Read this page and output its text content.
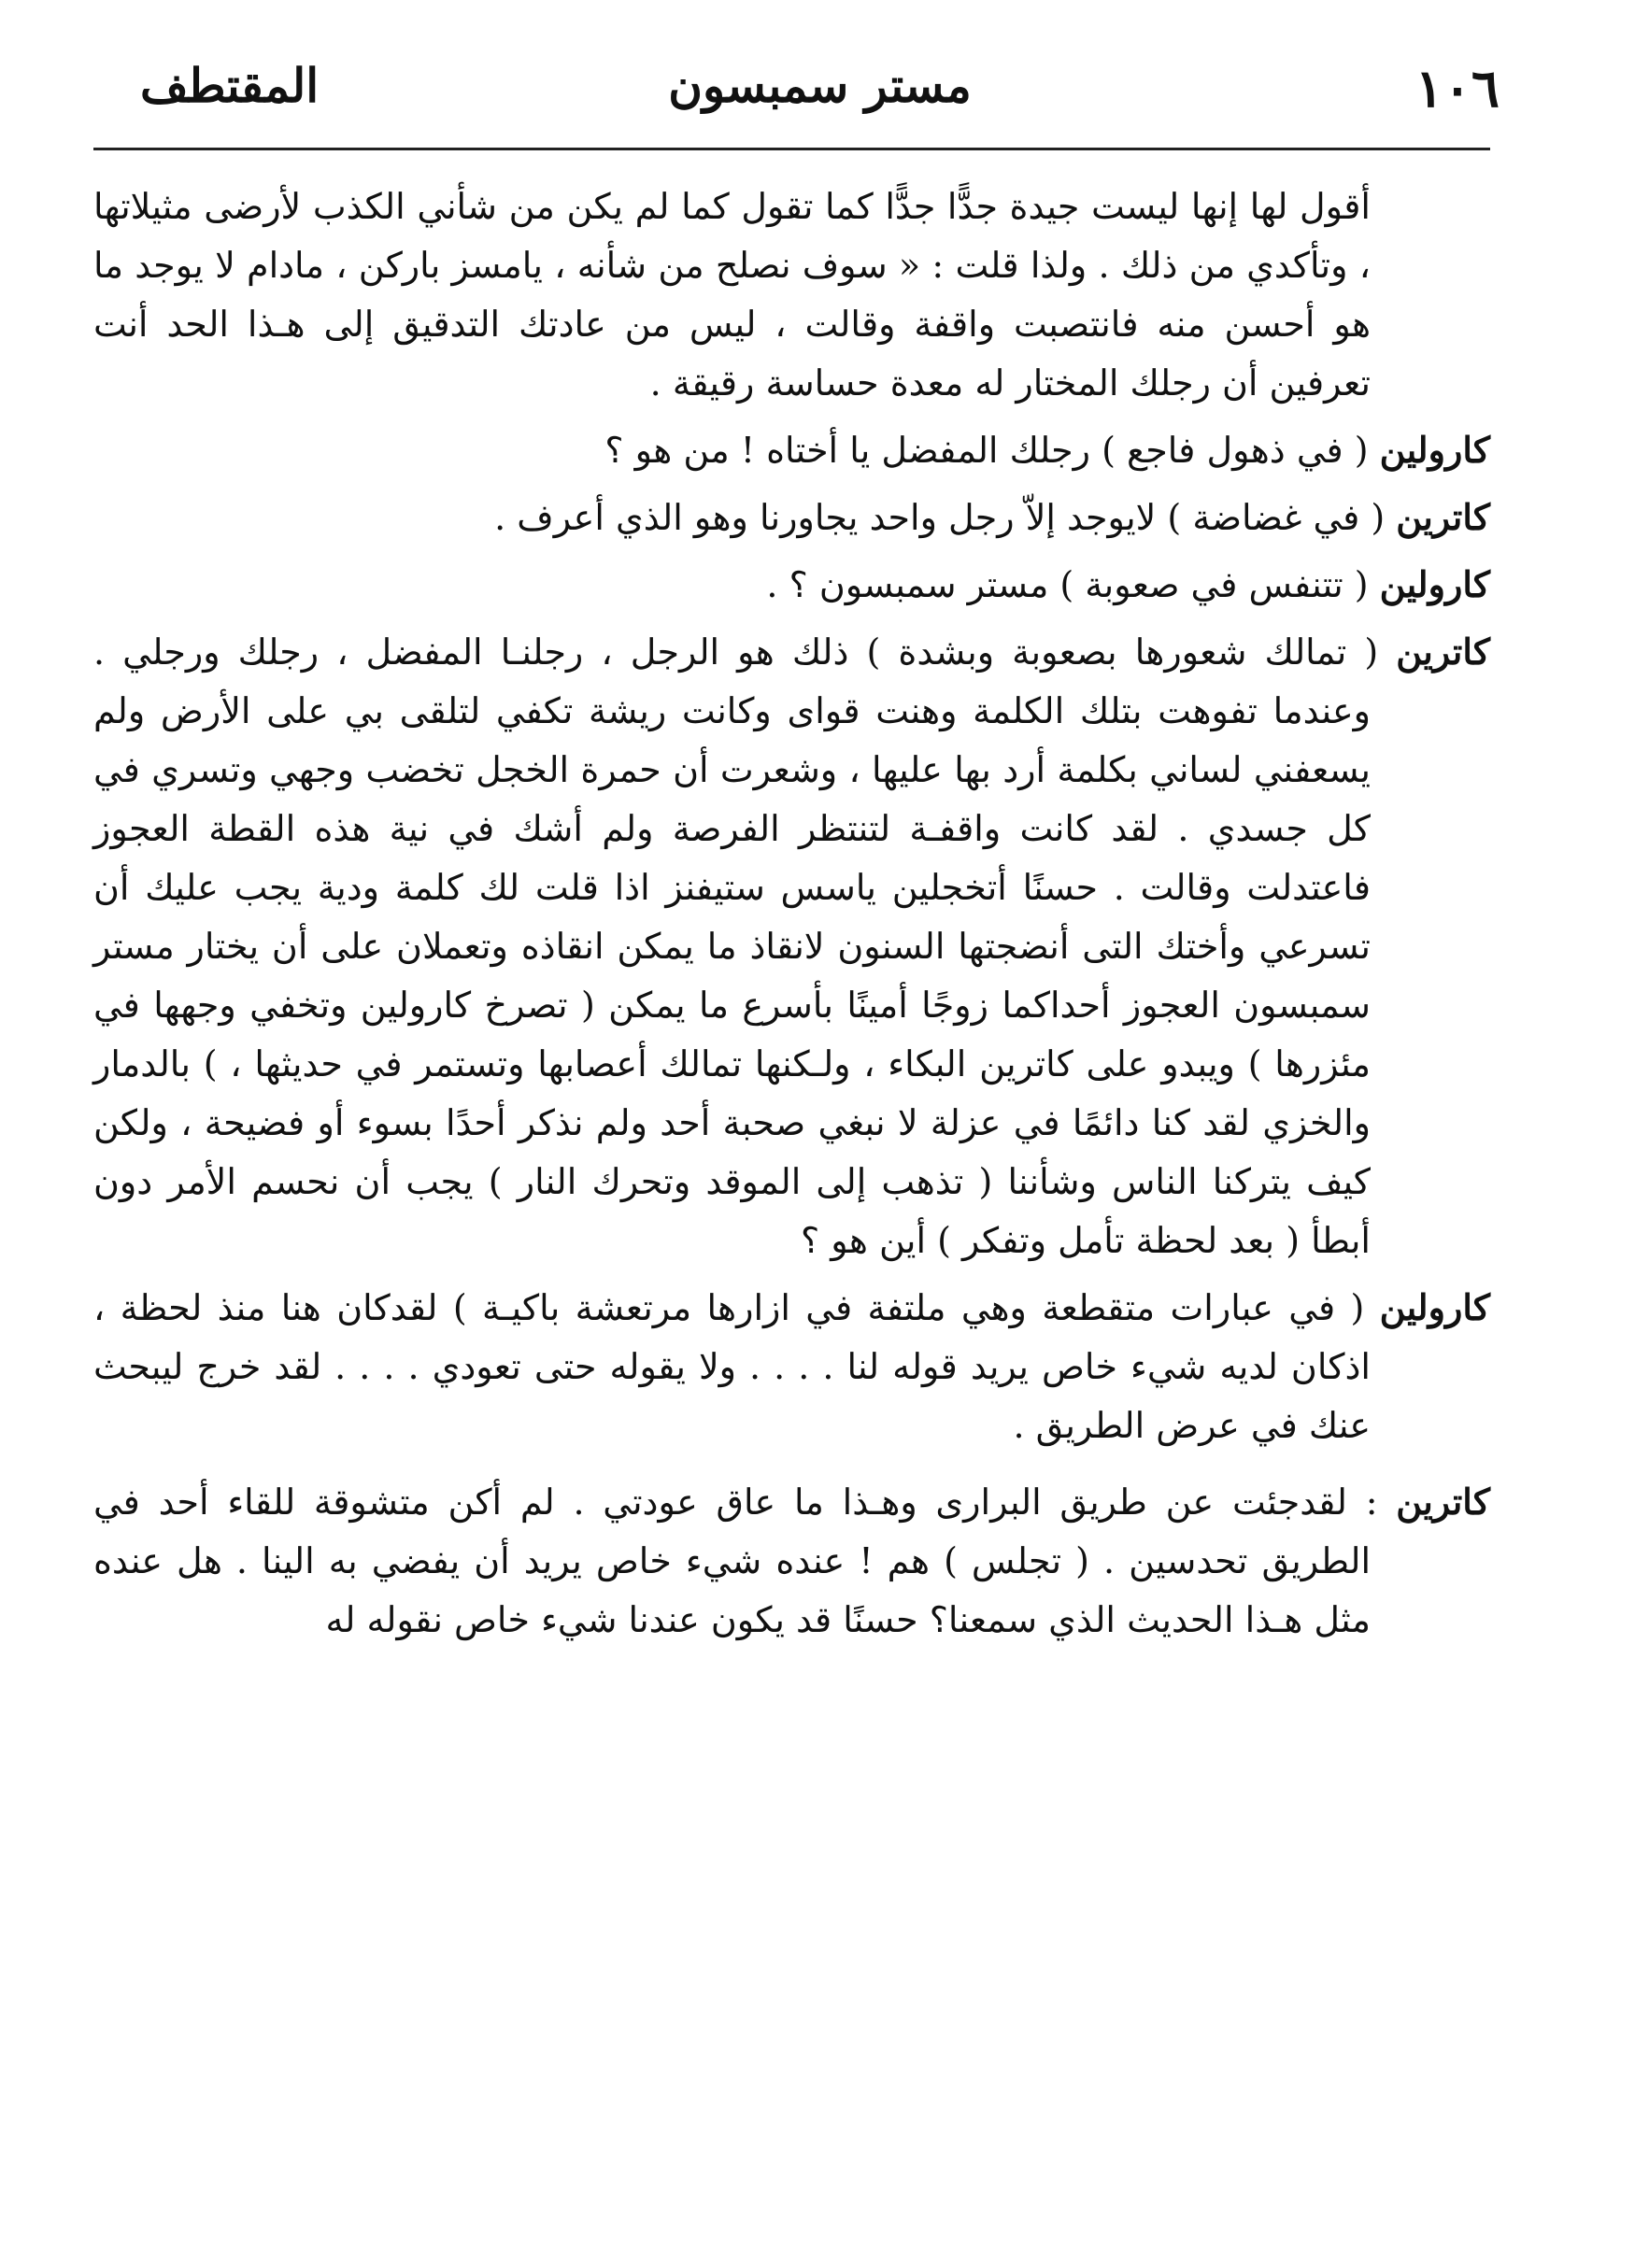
المقتطف	مستر سمبسون	١٠٦

أقول لها إنها ليست جيدة جدًّا جدًّا كما تقول كما لم يكن من شأني الكذب لأرضى مثيلاتها ، وتأكدي من ذلك . ولذا قلت : « سوف نصلح من شأنه ، يامسز باركن ، مادام لا يوجد ما هو أحسن منه فانتصبت واقفة وقالت ، ليس من عادتك التدقيق إلى هـذا الحد أنت تعرفين أن رجلك المختار له معدة حساسة رقيقة .

كارولين ( في ذهول فاجع ) رجلك المفضل يا أختاه ! من هو ؟

كاترين ( في غضاضة ) لايوجد إلاّ رجل واحد يجاورنا وهو الذي أعرف .

كارولين ( تتنفس في صعوبة ) مستر سمبسون ؟ .

كاترين ( تمالك شعورها بصعوبة وبشدة ) ذلك هو الرجل ، رجلنـا المفضل ، رجلك ورجلي . وعندما تفوهت بتلك الكلمة وهنت قواى وكانت ريشة تكفي لتلقى بي على الأرض ولم يسعفني لساني بكلمة أرد بها عليها ، وشعرت أن حمرة الخجل تخضب وجهي وتسري في كل جسدي . لقد كانت واقفـة لتنتظر الفرصة ولم أشك في نية هذه القطة العجوز فاعتدلت وقالت . حسنًا أتخجلين ياسس ستيفنز اذا قلت لك كلمة ودية يجب عليك أن تسرعي وأختك التى أنضجتها السنون لانقاذ ما يمكن انقاذه وتعملان على أن يختار مستر سمبسون العجوز أحداكما زوجًا أمينًا بأسرع ما يمكن ( تصرخ كارولين وتخفي وجهها في مئزرها ) ويبدو على كاترين البكاء ، ولـكنها تمالك أعصابها وتستمر في حديثها ، ) بالدمار والخزي لقد كنا دائمًا في عزلة لا نبغي صحبة أحد ولم نذكر أحدًا بسوء أو فضيحة ، ولكن كيف يتركنا الناس وشأننا ( تذهب إلى الموقد وتحرك النار ) يجب أن نحسم الأمر دون أبطأ ( بعد لحظة تأمل وتفكر ) أين هو ؟

كارولين ( في عبارات متقطعة وهي ملتفة في ازارها مرتعشة باكيـة ) لقدكان هنا منذ لحظة ، اذكان لديه شيء خاص يريد قوله لنا . . . . ولا يقوله حتى تعودي . . . . لقد خرج ليبحث عنك في عرض الطريق .

كاترين : لقدجئت عن طريق البرارى وهـذا ما عاق عودتي . لم أكن متشوقة للقاء أحد في الطريق تحدسين . ( تجلس ) هم ! عنده شيء خاص يريد أن يفضي به الينا . هل عنده مثل هـذا الحديث الذي سمعنا؟ حسنًا قد يكون عندنا شيء خاص نقوله له
